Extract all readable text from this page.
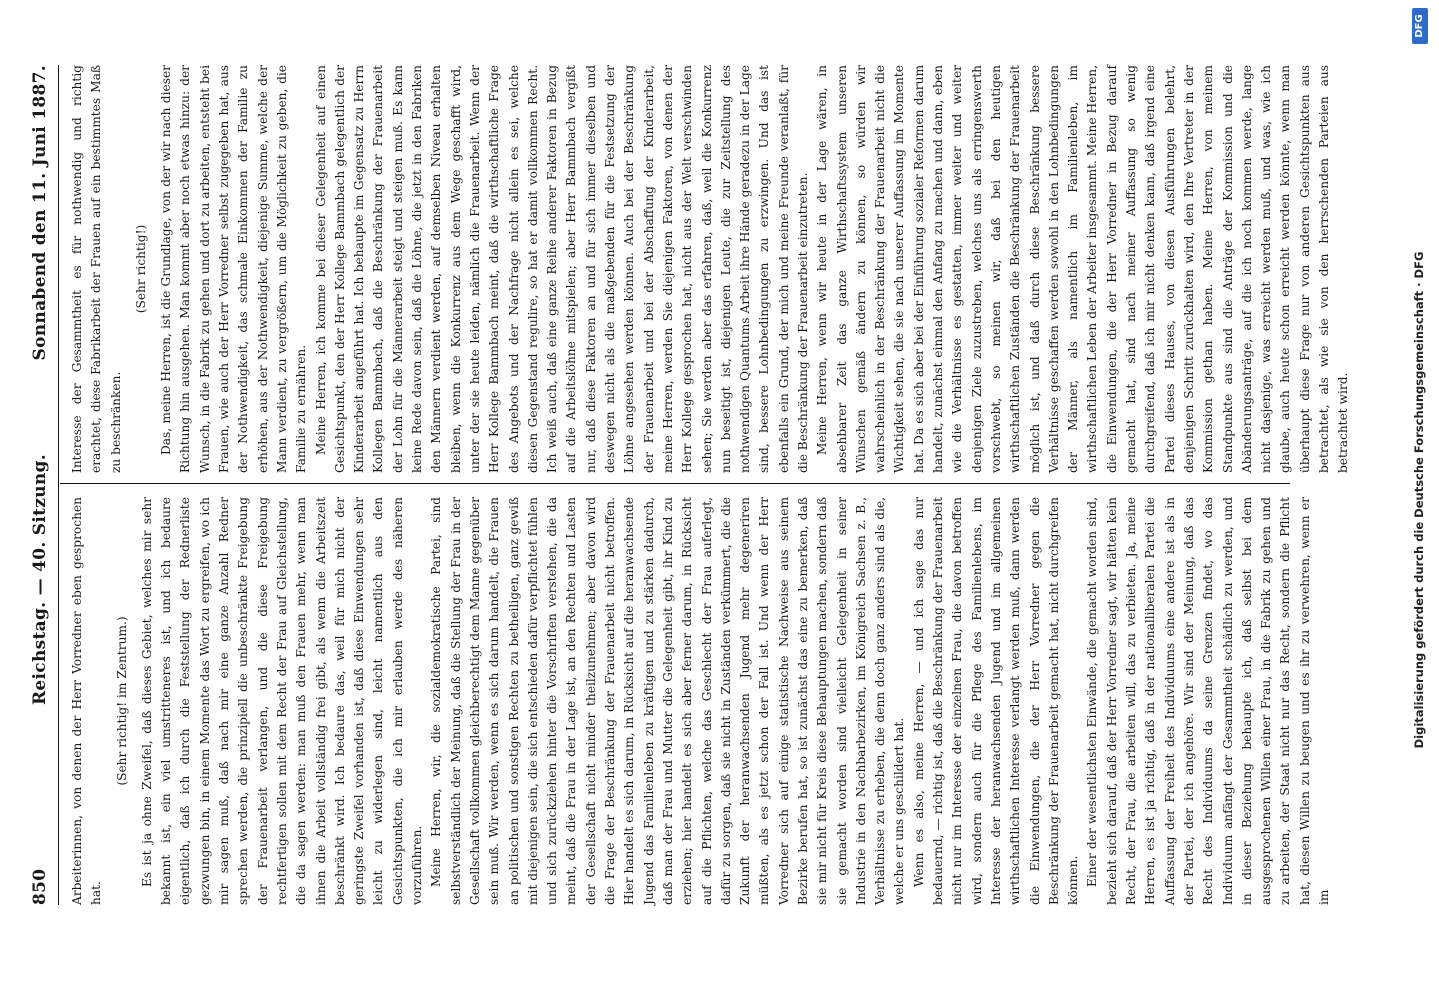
850
Reichstag. — 40. Sitzung.
Sonnabend den 11. Juni 1887.

Arbeiterinnen, von denen der Herr Vorredner eben gesprochen hat.

(Sehr richtig! im Zentrum.) Es ist ja ohne Zweifel, daß dieses Gebiet, welches mir sehr bekannt ist, ein viel umstritteneres ist, und ich bedaure eigentlich, daß ich durch die Feststellung der Rednerliste gezwungen bin, in einem Momente das Wort zu ergreifen, wo ich mir sagen muß, daß nach mir eine ganze Anzahl Redner sprechen werden, die prinzipiell die unbeschränkte Freigebung der Frauenarbeit verlangen, und die diese Freigebung rechtfertigen sollen mit dem Recht der Frau auf Gleichstellung, die da sagen werden: man muß den Frauen mehr, wenn man ihnen die Arbeit vollständig frei gibt, als wenn die Arbeitszeit beschränkt wird. Ich bedaure das, weil für mich nicht der geringste Zweifel vorhanden ist, daß diese Einwendungen sehr leicht zu widerlegen sind, leicht namentlich aus den Gesichtspunkten, die ich mir erlauben werde des näheren vorzuführen. Meine Herren, wir, die sozialdemokratische Partei, sind selbstverständlich der Meinung, daß die Stellung der Frau in der Gesellschaft vollkommen gleichberechtigt dem Manne gegenüber sein muß. Wir werden, wenn es sich darum handelt, die Frauen an politischen und sonstigen Rechten zu betheiligen, ganz gewiß mit diejenigen sein, die sich entschieden dafür verpflichtet fühlen und sich zurückziehen hinter die Vorschriften verstehen, die da meint, daß die Frau in der Lage ist, an den Rechten und Lasten der Gesellschaft nicht minder theilzunehmen; aber davon wird die Frage der Beschränkung der Frauenarbeit nicht betroffen. Hier handelt es sich darum, in Rücksicht auf die heranwachsende Jugend das Familienleben zu kräftigen und zu stärken dadurch, daß man der Frau und Mutter die Gelegenheit gibt, ihr Kind zu erziehen; hier handelt es sich aber ferner darum, in Rücksicht auf die Pflichten, welche das Geschlecht der Frau auferlegt, dafür zu sorgen, daß sie nicht in Zuständen verkümmert, die die Zukunft der heranwachsenden Jugend mehr degeneriren müßten, als es jetzt schon der Fall ist. Und wenn der Herr Vorredner sich auf einige statistische Nachweise aus seinem Bezirke berufen hat, so ist zunächst das eine zu bemerken, daß sie mir nicht für Kreis diese Behauptungen machen, sondern daß sie gemacht worden sind vielleicht Gelegenheit in seiner Industrie in den Nachbarbezirken, im Königreich Sachsen z. B., Verhältnisse zu erheben, die denn doch ganz anders sind als die, welche er uns geschildert hat. Wenn es also, meine Herren, — und ich sage das nur bedauernd, — richtig ist, daß die Beschränkung der Frauenarbeit nicht nur im Interesse der einzelnen Frau, die davon betroffen wird, sondern auch für die Pflege des Familienlebens, im Interesse der heranwachsenden Jugend und im allgemeinen wirthschaftlichen Interesse verlangt werden muß, dann werden die Einwendungen, die der Herr Vorredner gegen die Beschränkung der Frauenarbeit gemacht hat, nicht durchgreifen können. Einer der wesentlichsten Einwände, die gemacht worden sind, bezieht sich darauf, daß der Herr Vorredner sagt, wir hätten kein Recht, der Frau, die arbeiten will, das zu verbieten. Ja, meine Herren, es ist ja richtig, daß in der nationalliberalen Partei die Auffassung der Freiheit des Individuums eine andere ist als in der Partei, der ich angehöre. Wir sind der Meinung, daß das Recht des Individuums da seine Grenzen findet, wo das Individuum anfängt der Gesammtheit schädlich zu werden, und in dieser Beziehung behaupte ich, daß selbst bei dem ausgesprochenen Willen einer Frau, in die Fabrik zu gehen und zu arbeiten, der Staat nicht nur das Recht, sondern die Pflicht hat, diesen Willen zu beugen und es ihr zu verwehren, wenn er im

Interesse der Gesammtheit es für nothwendig und richtig erachtet, diese Fabrikarbeit der Frauen auf ein bestimmtes Maß zu beschränken.

(Sehr richtig!) Das, meine Herren, ist die Grundlage, von der wir nach dieser Richtung hin ausgehen. Man kommt aber noch etwas hinzu: der Wunsch, in die Fabrik zu gehen und dort zu arbeiten, entsteht bei Frauen, wie auch der Herr Vorredner selbst zugegeben hat, aus der Nothwendigkeit, das schmale Einkommen der Familie zu erhöhen, aus der Nothwendigkeit, diejenige Summe, welche der Mann verdient, zu vergrößern, um die Möglichkeit zu geben, die Familie zu ernähren. Meine Herren, ich komme bei dieser Gelegenheit auf einen Gesichtspunkt, den der Herr Kollege Bammbach gelegentlich der Kinderarbeit angeführt hat. Ich behaupte im Gegensatz zu Herrn Kollegen Bammbach, daß die Beschränkung der Frauenarbeit der Lohn für die Männerarbeit steigt und steigen muß. Es kann keine Rede davon sein, daß die Löhne, die jetzt in den Fabriken den Männern verdient werden, auf demselben Niveau erhalten bleiben, wenn die Konkurrenz aus dem Wege geschafft wird, unter der sie heute leiden, nämlich die Frauenarbeit. Wenn der Herr Kollege Bammbach meint, daß die wirthschaftliche Frage des Angebots und der Nachfrage nicht allein es sei, welche diesen Gegenstand regulire, so hat er damit vollkommen Recht. Ich weiß auch, daß eine ganze Reihe anderer Faktoren in Bezug auf die Arbeitslöhne mitspielen; aber Herr Bammbach vergißt nur, daß diese Faktoren an und für sich immer dieselben und deswegen nicht als die maßgebenden für die Festsetzung der Löhne angesehen werden können. Auch bei der Beschränkung der Frauenarbeit und bei der Abschaffung der Kinderarbeit, meine Herren, werden Sie diejenigen Faktoren, von denen der Herr Kollege gesprochen hat, nicht aus der Welt verschwinden sehen; Sie werden aber das erfahren, daß, weil die Konkurrenz nun beseitigt ist, diejenigen Leute, die zur Zeitstellung des nothwendigen Quantums Arbeit ihre Hände geradezu in der Lage sind, bessere Lohnbedingungen zu erzwingen. Und das ist ebenfalls ein Grund, der mich und meine Freunde veranlaßt, für die Beschränkung der Frauenarbeit einzutreten. Meine Herren, wenn wir heute in der Lage wären, in absehbarer Zeit das ganze Wirthschaftssystem unseren Wünschen gemäß ändern zu können, so würden wir wahrscheinlich in der Beschränkung der Frauenarbeit nicht die Wichtigkeit sehen, die sie nach unserer Auffassung im Momente hat. Da es sich aber bei der Einführung sozialer Reformen darum handelt, zunächst einmal den Anfang zu machen und dann, eben wie die Verhältnisse es gestatten, immer weiter und weiter denjenigen Ziele zuzustreben, welches uns als erringenswerth vorschwebt, so meinen wir, daß bei den heutigen wirthschaftlichen Zuständen die Beschränkung der Frauenarbeit möglich ist, und daß durch diese Beschränkung bessere Verhältnisse geschaffen werden sowohl in den Lohnbedingungen der Männer, als namentlich im Familienleben, im wirthschaftlichen Leben der Arbeiter insgesammt. Meine Herren, die Einwendungen, die der Herr Vorredner in Bezug darauf gemacht hat, sind nach meiner Auffassung so wenig durchgreifend, daß ich mir nicht denken kann, daß irgend eine Partei dieses Hauses, von diesen Ausführungen belehrt, denjenigen Schritt zurückhalten wird, den Ihre Vertreter in der Kommission gethan haben. Meine Herren, von meinem Standpunkte aus sind die Anträge der Kommission und die Abänderungsanträge, auf die ich noch kommen werde, lange nicht dasjenige, was erreicht werden muß, und was, wie ich glaube, auch heute schon erreicht werden könnte, wenn man überhaupt diese Frage nur von anderen Gesichtspunkten aus betrachtet, als wie sie von den herrschenden Parteien aus betrachtet wird.	Digitalisierung gefördert durch die Deutsche Forschungsgemeinschaft · DFG
DFG
